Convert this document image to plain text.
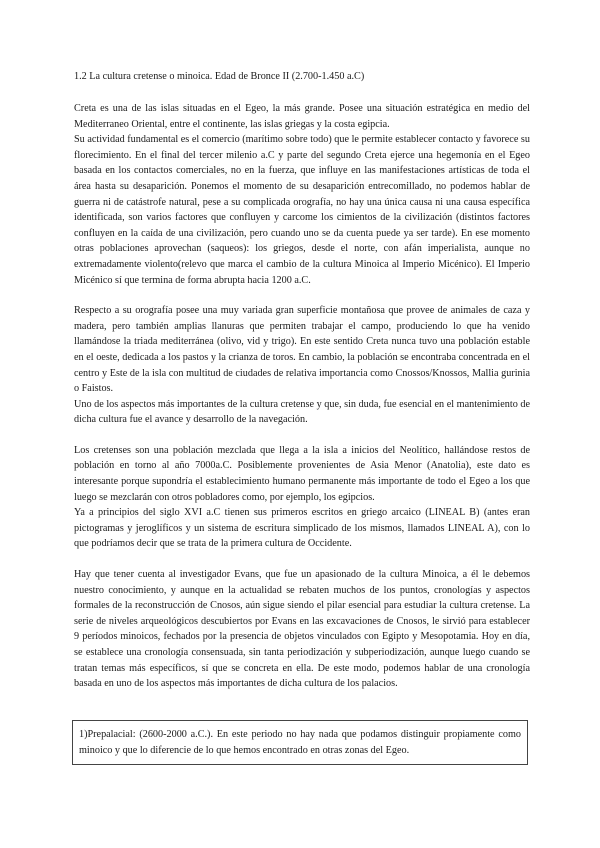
1.2 La cultura cretense o minoica. Edad de Bronce II (2.700-1.450 a.C)

Creta es una de las islas situadas en el Egeo, la más grande. Posee una situación estratégica en medio del Mediterraneo Oriental, entre el continente, las islas griegas y la costa egipcia.

Su actividad fundamental es el comercio (marítimo sobre todo) que le permite establecer contacto y favorece su florecimiento. En el final del tercer milenio a.C y parte del segundo Creta ejerce una hegemonía en el Egeo basada en los contactos comerciales, no en la fuerza, que influye en las manifestaciones artísticas de toda el área hasta su desaparición. Ponemos el momento de su desaparición entrecomillado, no podemos hablar de guerra ni de catástrofe natural, pese a su complicada orografía, no hay una única causa ni una causa específica identificada, son varios factores que confluyen y carcome los cimientos de la civilización (distintos factores confluyen en la caída de una civilización, pero cuando uno se da cuenta puede ya ser tarde). En ese momento otras poblaciones aprovechan (saqueos): los griegos, desde el norte, con afán imperialista, aunque no extremadamente violento(relevo que marca el cambio de la cultura Minoica al Imperio Micénico). El Imperio Micénico sí que termina de forma abrupta hacia 1200 a.C.

Respecto a su orografía posee una muy variada gran superficie montañosa que provee de animales de caza y madera, pero también amplias llanuras que permiten trabajar el campo, produciendo lo que ha venido llamándose la triada mediterránea (olivo, vid y trigo). En este sentido Creta nunca tuvo una población estable en el oeste, dedicada a los pastos y la crianza de toros. En cambio, la población se encontraba concentrada en el centro y Este de la isla con multitud de ciudades de relativa importancia como Cnossos/Knossos, Mallia gurinia o Faistos.

Uno de los aspectos más importantes de la cultura cretense y que, sin duda, fue esencial en el mantenimiento de dicha cultura fue el avance y desarrollo de la navegación.

Los cretenses son una población mezclada que llega a la isla a inicios del Neolítico, hallándose restos de población en torno al año 7000a.C. Posiblemente provenientes de Asia Menor (Anatolia), este dato es interesante porque supondría el establecimiento humano permanente más importante de todo el Egeo a los que luego se mezclarán con otros pobladores como, por ejemplo, los egipcios.

Ya a principios del siglo XVI a.C tienen sus primeros escritos en griego arcaico (LINEAL B) (antes eran pictogramas y jeroglíficos y un sistema de escritura simplicado de los mismos, llamados LINEAL A), con lo que podríamos decir que se trata de la primera cultura de Occidente.

Hay que tener cuenta al investigador Evans, que fue un apasionado de la cultura Minoica, a él le debemos nuestro conocimiento, y aunque en la actualidad se rebaten muchos de los puntos, cronologías y aspectos formales de la reconstrucción de Cnosos, aún sigue siendo el pilar esencial para estudiar la cultura cretense. La serie de niveles arqueológicos descubiertos por Evans en las excavaciones de Cnosos, le sirvió para establecer 9 períodos minoicos, fechados por la presencia de objetos vinculados con Egipto y Mesopotamia. Hoy en día, se establece una cronología consensuada, sin tanta periodización y subperiodización, aunque luego cuando se tratan temas más específicos, sí que se concreta en ella. De este modo, podemos hablar de una cronología basada en uno de los aspectos más importantes de dicha cultura de los palacios.

1)Prepalacial: (2600-2000 a.C.). En este periodo no hay nada que podamos distinguir propiamente como minoico y que lo diferencie de lo que hemos encontrado en otras zonas del Egeo.
